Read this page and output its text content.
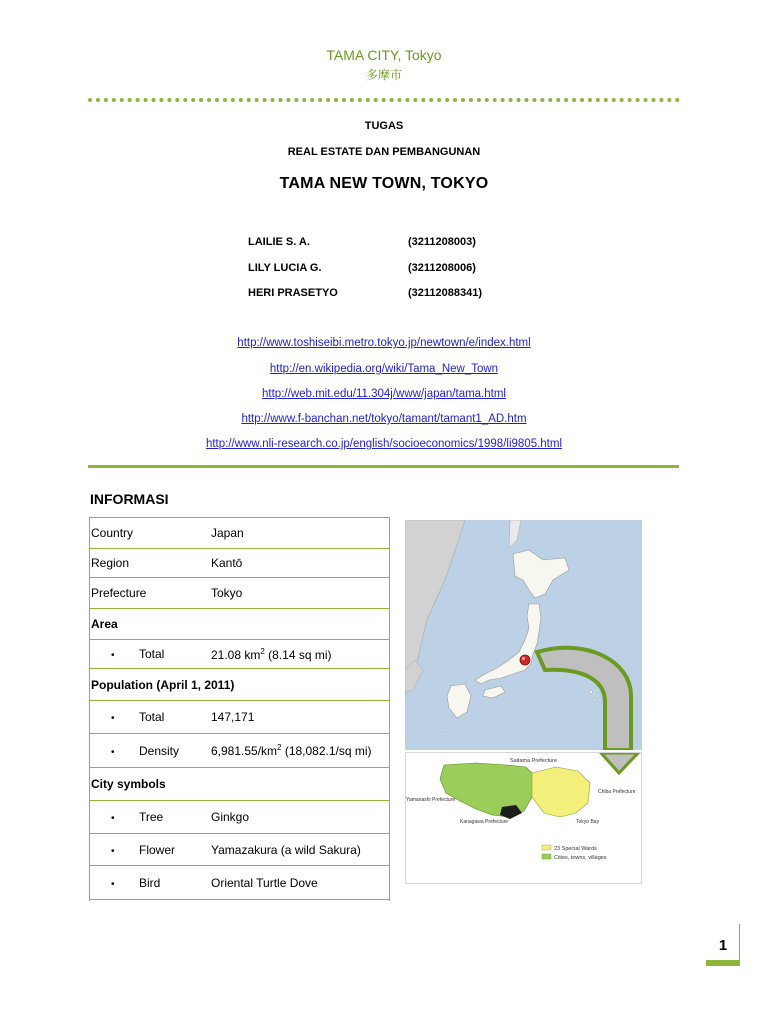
TAMA CITY, Tokyo
多摩市
TUGAS
REAL ESTATE DAN PEMBANGUNAN
TAMA NEW TOWN, TOKYO
LAILIE S. A.	(3211208003)
LILY LUCIA G.	(3211208006)
HERI PRASETYO	(32112088341)
http://www.toshiseibi.metro.tokyo.jp/newtown/e/index.html
http://en.wikipedia.org/wiki/Tama_New_Town
http://web.mit.edu/11.304j/www/japan/tama.html
http://www.f-banchan.net/tokyo/tamant/tamant1_AD.htm
http://www.nli-research.co.jp/english/socioeconomics/1998/li9805.html
INFORMASI
Country	Japan
Region	Kantō
Prefecture	Tokyo
Area	
• Total	21.08 $km^2$ (8.14 sq mi)
Population (April 1, 2011)	
• Total	147,171
• Density	$6,981.55/km^2$ (18,082.1/sq mi)
City symbols	
• Tree	Ginkgo
• Flower	Yamazakura (a wild Sakura)
• Bird	Oriental Turtle Dove
Saitama Prefecture
Yamanashi Prefecture
Chiba Prefecture
Kanagawa Prefecture	Tokyo Bay
23 Special Wards
Cities, towns, villages
1
